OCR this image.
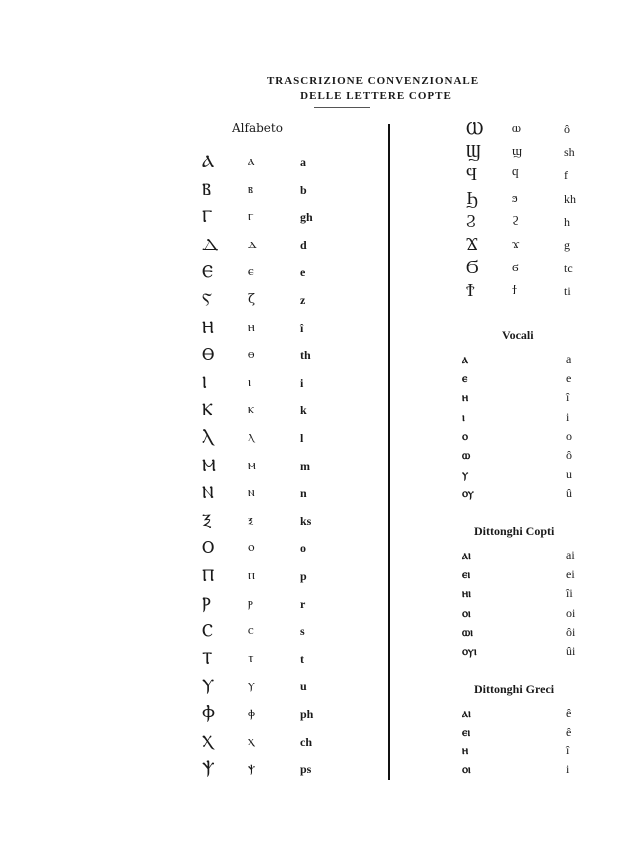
TRASCRIZIONE CONVENZIONALE
DELLE LETTERE COPTE
Alfabeto
Ⲁ	ⲁ	a
Ⲃ	ⲃ	b
Ⲅ	ⲅ	gh
Ⲇ	ⲇ	d
Ⲉ	ⲉ	e
Ⲋ	ζ	z
Ⲏ	ⲏ	î
Ⲑ	ⲑ	th
Ⲓ	ⲓ	i
Ⲕ	ⲕ	k
Ⲗ	ⲗ	l
Ⲙ	ⲙ	m
Ⲛ	ⲛ	n
Ⲝ	ⲝ	ks
Ⲟ	ⲟ	o
Ⲡ	ⲡ	p
Ⲣ	ⲣ	r
Ⲥ	ⲥ	s
Ⲧ	ⲧ	t
Ⲩ	ⲩ	u
Ⲫ	ⲫ	ph
Ⲭ	ⲭ	ch
Ⲯ	ⲯ	ps
Ⲱ	ⲱ	ô
Ϣ	ϣ	sh
Ϥ	ϥ	f
Ϧ	ϧ	kh
Ϩ	ϩ	h
Ϫ	ϫ	g
Ϭ	ϭ	tc
Ϯ	ϯ	ti
Vocali
ⲁ	a
ⲉ	e
ⲏ	î
ⲓ	i
ⲟ	o
ⲱ	ô
ⲩ	u
ⲟⲩ	û
Dittonghi Copti
ⲁⲓ	ai
ⲉⲓ	ei
ⲏⲓ	îi
ⲟⲓ	oi
ⲱⲓ	ôi
ⲟⲩⲓ	ûi
Dittonghi Greci
ⲁⲓ	ê
ⲉⲓ	ê
ⲏ	î
ⲟⲓ	i
